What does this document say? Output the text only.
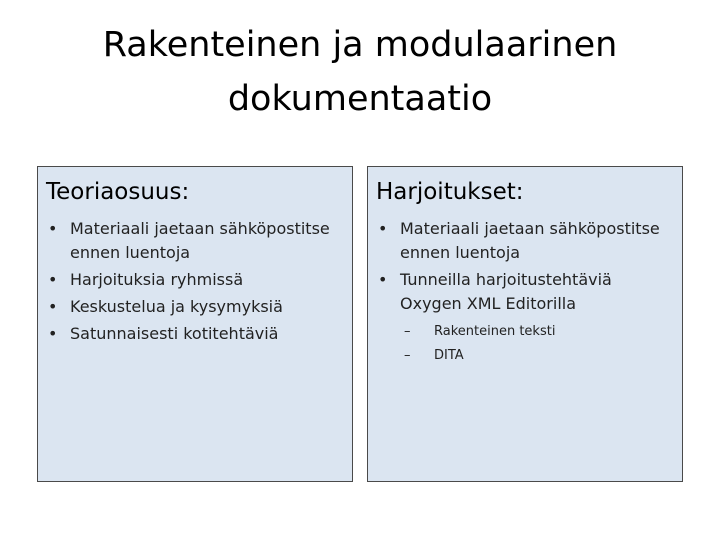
Rakenteinen ja modulaarinen
dokumentaatio
Teoriaosuus:
• Materiaali jaetaan sähköpostitse ennen luentoja
• Harjoituksia ryhmissä
• Keskustelua ja kysymyksiä
• Satunnaisesti kotitehtäviä
Harjoitukset:
• Materiaali jaetaan sähköpostitse ennen luentoja
• Tunneilla harjoitustehtäviä Oxygen XML Editorilla
– Rakenteinen teksti
– DITA
